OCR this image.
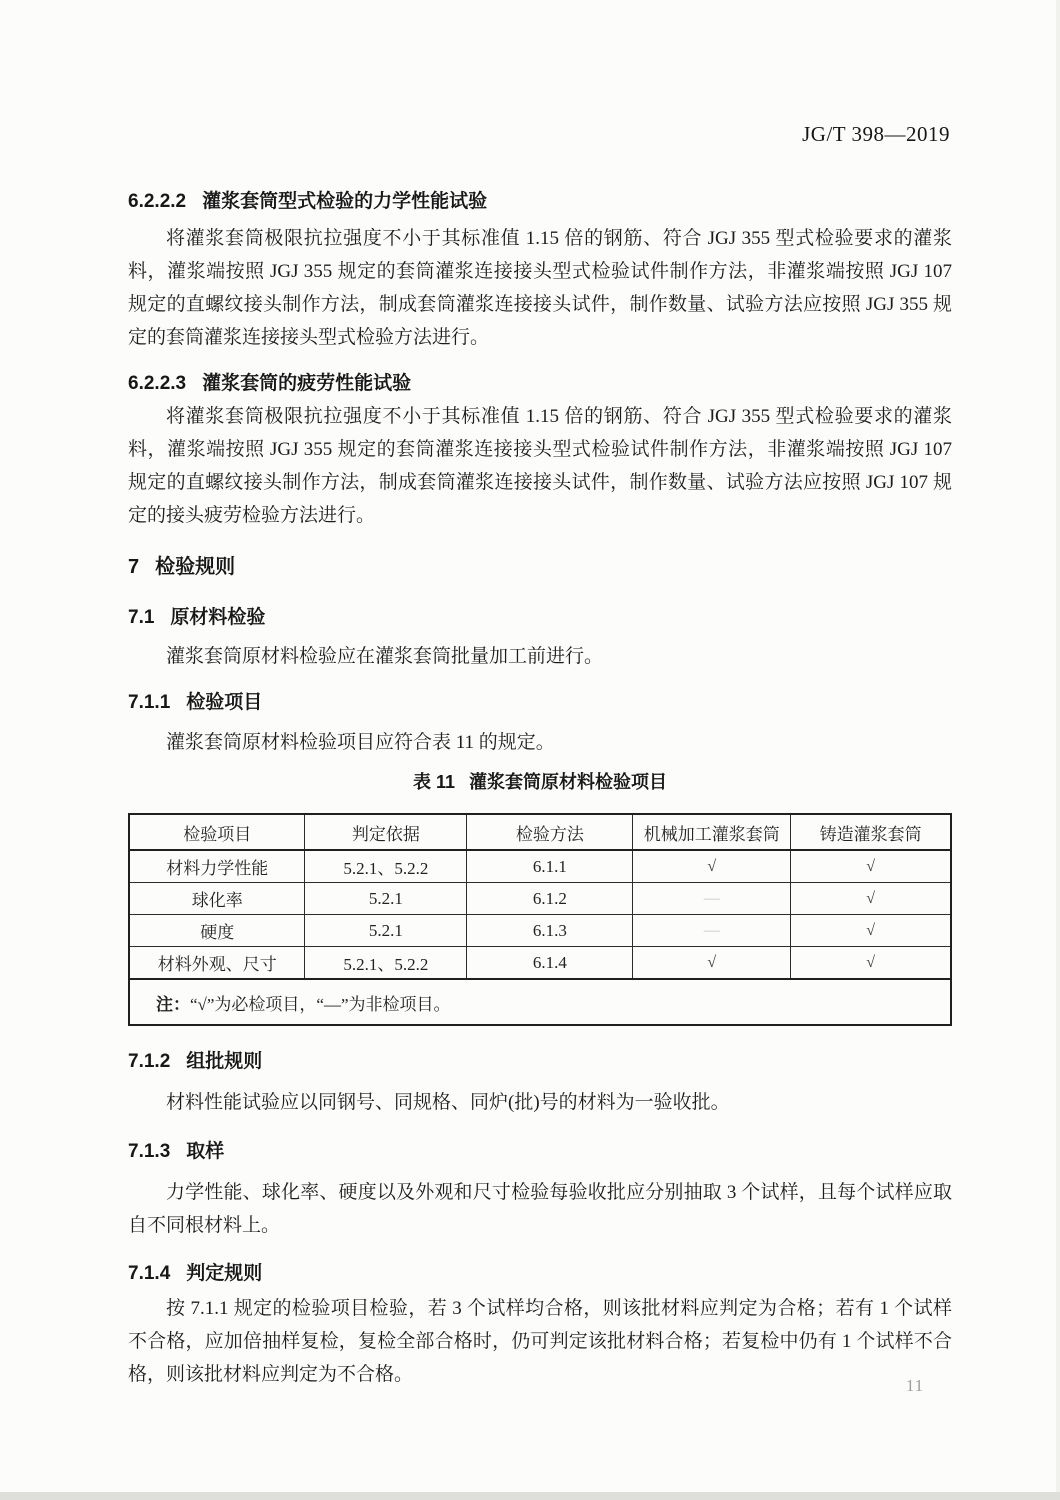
JG/T 398—2019
6.2.2.2 灌浆套筒型式检验的力学性能试验

将灌浆套筒极限抗拉强度不小于其标准值 1.15 倍的钢筋、符合 JGJ 355 型式检验要求的灌浆料，灌浆端按照 JGJ 355 规定的套筒灌浆连接接头型式检验试件制作方法，非灌浆端按照 JGJ 107 规定的直螺纹接头制作方法，制成套筒灌浆连接接头试件，制作数量、试验方法应按照 JGJ 355 规定的套筒灌浆连接接头型式检验方法进行。

6.2.2.3 灌浆套筒的疲劳性能试验

将灌浆套筒极限抗拉强度不小于其标准值 1.15 倍的钢筋、符合 JGJ 355 型式检验要求的灌浆料，灌浆端按照 JGJ 355 规定的套筒灌浆连接接头型式检验试件制作方法，非灌浆端按照 JGJ 107 规定的直螺纹接头制作方法，制成套筒灌浆连接接头试件，制作数量、试验方法应按照 JGJ 107 规定的接头疲劳检验方法进行。

7 检验规则
7.1 原材料检验

灌浆套筒原材料检验应在灌浆套筒批量加工前进行。

7.1.1 检验项目

灌浆套筒原材料检验项目应符合表 11 的规定。

表 11 灌浆套筒原材料检验项目
检验项目	判定依据	检验方法	机械加工灌浆套筒	铸造灌浆套筒
材料力学性能	5.2.1、5.2.2	6.1.1	√	√
球化率	5.2.1	6.1.2	—	√
硬度	5.2.1	6.1.3	—	√
材料外观、尺寸	5.2.1、5.2.2	6.1.4	√	√
注：“√”为必检项目，“—”为非检项目。				
7.1.2 组批规则

材料性能试验应以同钢号、同规格、同炉(批)号的材料为一验收批。

7.1.3 取样

力学性能、球化率、硬度以及外观和尺寸检验每验收批应分别抽取 3 个试样，且每个试样应取自不同根材料上。

7.1.4 判定规则

按 7.1.1 规定的检验项目检验，若 3 个试样均合格，则该批材料应判定为合格；若有 1 个试样不合格，应加倍抽样复检，复检全部合格时，仍可判定该批材料合格；若复检中仍有 1 个试样不合格，则该批材料应判定为不合格。

11
